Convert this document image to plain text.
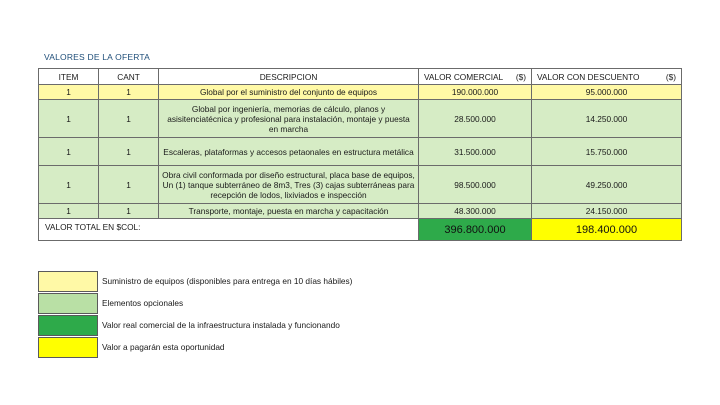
VALORES DE LA OFERTA
ITEM	CANT	DESCRIPCION	VALOR COMERCIAL ($)	VALOR CON DESCUENTO ($)

1	1	Global por el suministro del conjunto de equipos	190.000.000	95.000.000
1	1	Global por ingeniería, memorias de cálculo, planos y asisitenciatécnica y profesional para instalación, montaje y puesta en marcha	28.500.000	14.250.000
1	1	Escaleras, plataformas y accesos petaonales en estructura metálica	31.500.000	15.750.000
1	1	Obra civil conformada por diseño estructural, placa base de equipos, Un (1) tanque subterráneo de 8m3, Tres (3) cajas subterráneas para recepción de lodos, lixiviados e inspección	98.500.000	49.250.000
1	1	Transporte, montaje, puesta en marcha y capacitación	48.300.000	24.150.000
VALOR TOTAL EN $COL:			396.800.000	198.400.000
Suministro de equipos (disponibles para entrega en 10 días hábiles)
Elementos opcionales
Valor real comercial de la infraestructura instalada y funcionando
Valor a pagarán esta oportunidad
